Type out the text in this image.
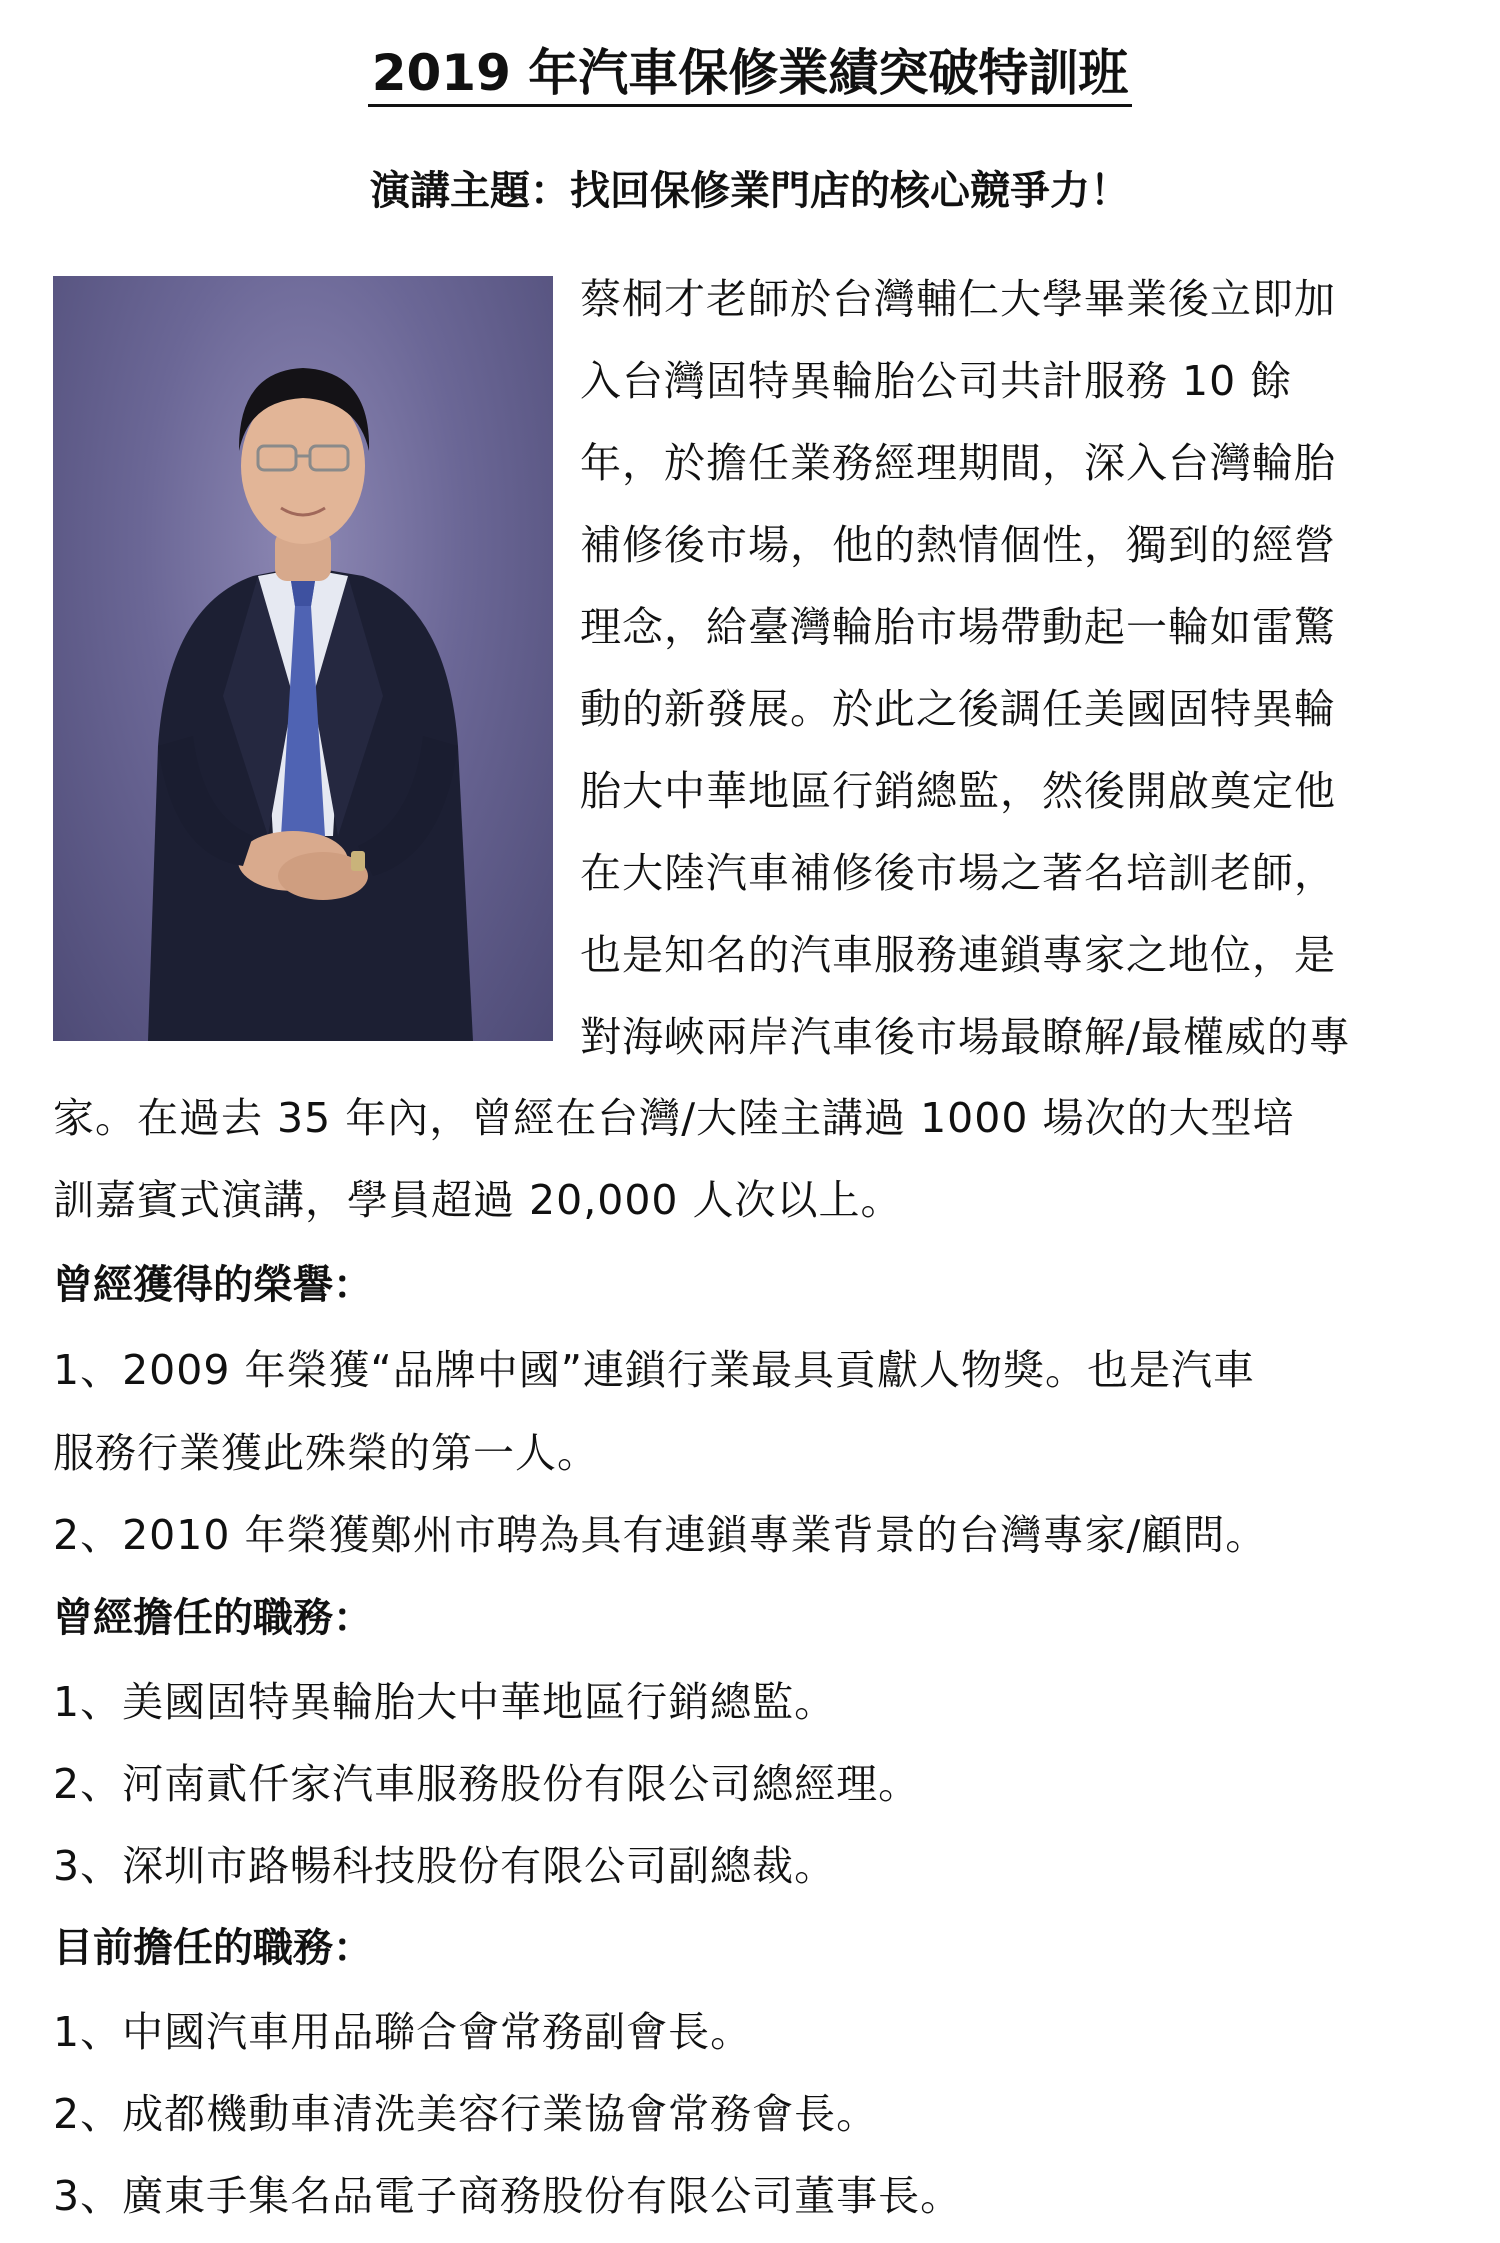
2019 年汽車保修業績突破特訓班
演講主題：找回保修業門店的核心競爭力！
蔡桐才老師於台灣輔仁大學畢業後立即加
入台灣固特異輪胎公司共計服務 10 餘
年，於擔任業務經理期間，深入台灣輪胎
補修後市場，他的熱情個性，獨到的經營
理念，給臺灣輪胎市場帶動起一輪如雷驚
動的新發展。於此之後調任美國固特異輪
胎大中華地區行銷總監，然後開啟奠定他
在大陸汽車補修後市場之著名培訓老師，
也是知名的汽車服務連鎖專家之地位，是
對海峽兩岸汽車後市場最瞭解/最權威的專
家。在過去 35 年內，曾經在台灣/大陸主講過 1000 場次的大型培
訓嘉賓式演講，學員超過 20,000 人次以上。
曾經獲得的榮譽：
1、2009 年榮獲“品牌中國”連鎖行業最具貢獻人物獎。也是汽車
服務行業獲此殊榮的第一人。
2、2010 年榮獲鄭州市聘為具有連鎖專業背景的台灣專家/顧問。
曾經擔任的職務：
1、美國固特異輪胎大中華地區行銷總監。
2、河南貳仟家汽車服務股份有限公司總經理。
3、深圳市路暢科技股份有限公司副總裁。
目前擔任的職務：
1、中國汽車用品聯合會常務副會長。
2、成都機動車清洗美容行業協會常務會長。
3、廣東手集名品電子商務股份有限公司董事長。
